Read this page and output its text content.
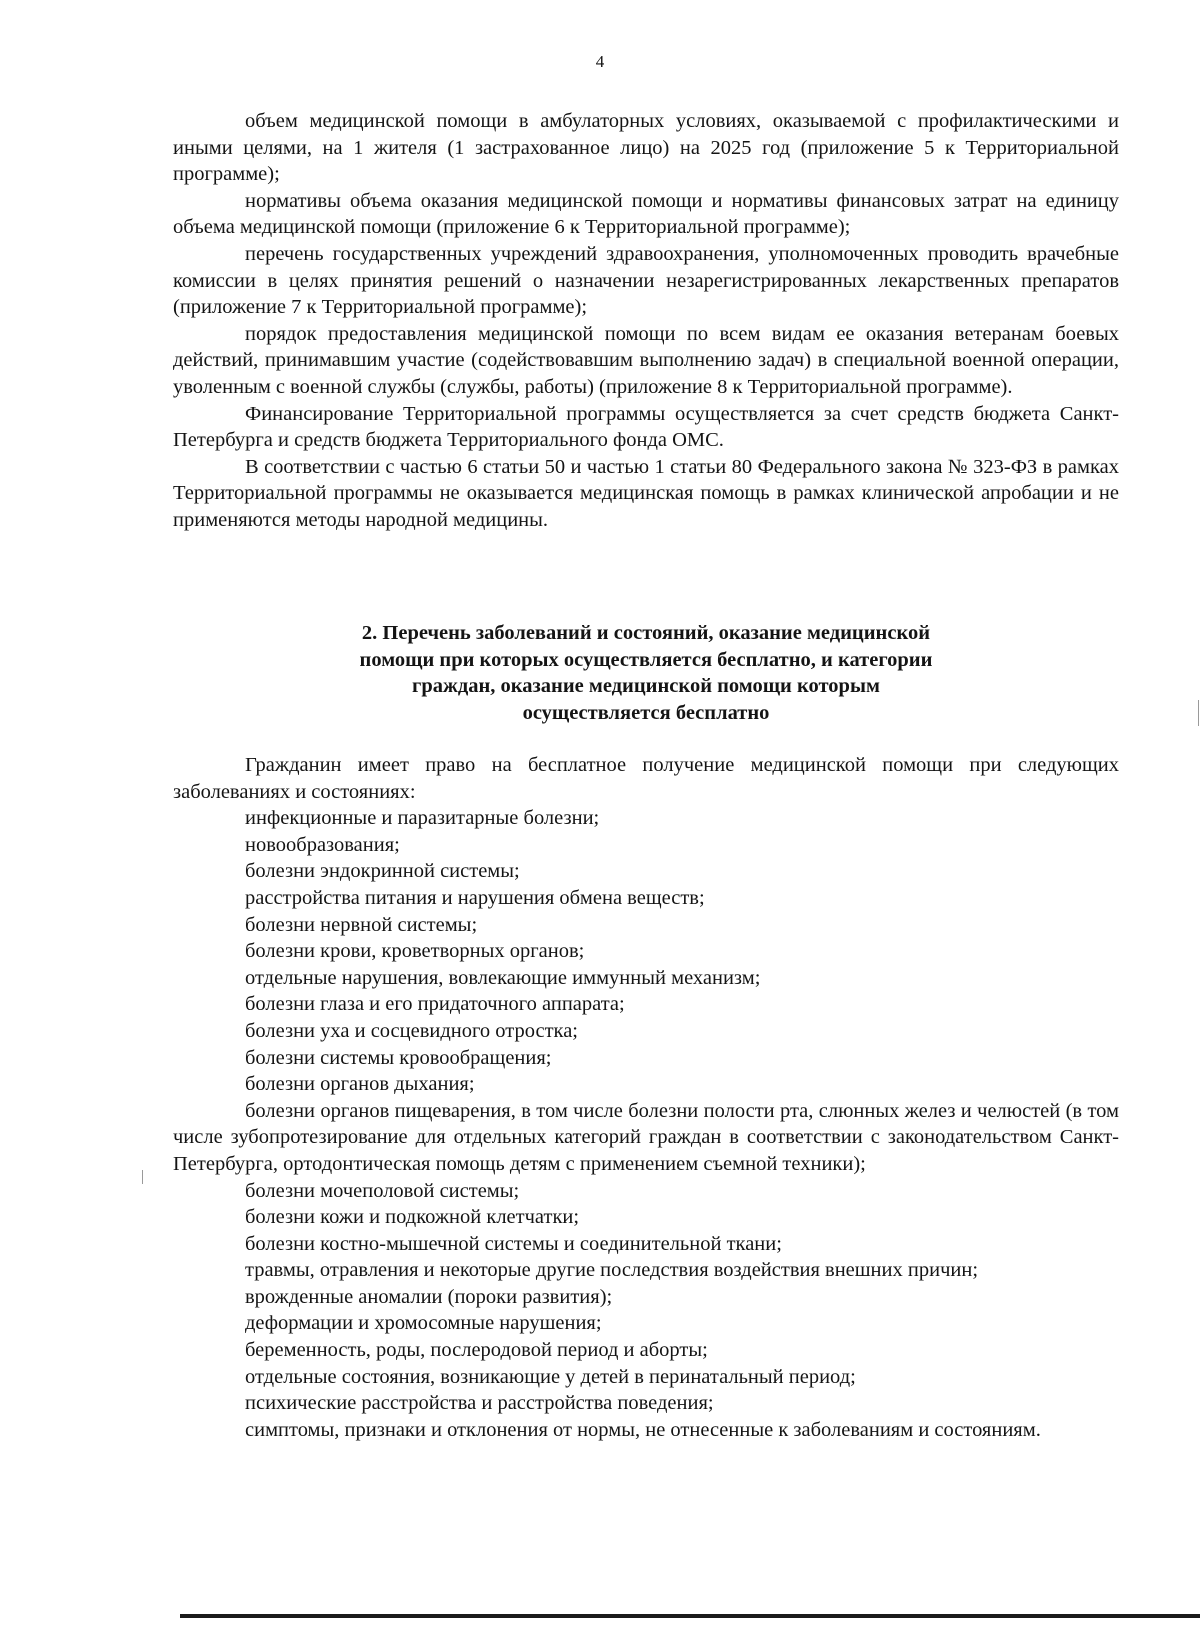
4

объем медицинской помощи в амбулаторных условиях, оказываемой с профилактическими и иными целями, на 1 жителя (1 застрахованное лицо) на 2025 год (приложение 5 к Территориальной программе);

нормативы объема оказания медицинской помощи и нормативы финансовых затрат на единицу объема медицинской помощи (приложение 6 к Территориальной программе);

перечень государственных учреждений здравоохранения, уполномоченных проводить врачебные комиссии в целях принятия решений о назначении незарегистрированных лекарственных препаратов (приложение 7 к Территориальной программе);

порядок предоставления медицинской помощи по всем видам ее оказания ветеранам боевых действий, принимавшим участие (содействовавшим выполнению задач) в специальной военной операции, уволенным с военной службы (службы, работы) (приложение 8 к Территориальной программе).

Финансирование Территориальной программы осуществляется за счет средств бюджета Санкт-Петербурга и средств бюджета Территориального фонда ОМС.

В соответствии с частью 6 статьи 50 и частью 1 статьи 80 Федерального закона № 323-ФЗ в рамках Территориальной программы не оказывается медицинская помощь в рамках клинической апробации и не применяются методы народной медицины.

2. Перечень заболеваний и состояний, оказание медицинской
помощи при которых осуществляется бесплатно, и категории
граждан, оказание медицинской помощи которым
осуществляется бесплатно

Гражданин имеет право на бесплатное получение медицинской помощи при следующих заболеваниях и состояниях:

инфекционные и паразитарные болезни;

новообразования;

болезни эндокринной системы;

расстройства питания и нарушения обмена веществ;

болезни нервной системы;

болезни крови, кроветворных органов;

отдельные нарушения, вовлекающие иммунный механизм;

болезни глаза и его придаточного аппарата;

болезни уха и сосцевидного отростка;

болезни системы кровообращения;

болезни органов дыхания;

болезни органов пищеварения, в том числе болезни полости рта, слюнных желез и челюстей (в том числе зубопротезирование для отдельных категорий граждан в соответствии с законодательством Санкт-Петербурга, ортодонтическая помощь детям с применением съемной техники);

болезни мочеполовой системы;

болезни кожи и подкожной клетчатки;

болезни костно-мышечной системы и соединительной ткани;

травмы, отравления и некоторые другие последствия воздействия внешних причин;

врожденные аномалии (пороки развития);

деформации и хромосомные нарушения;

беременность, роды, послеродовой период и аборты;

отдельные состояния, возникающие у детей в перинатальный период;

психические расстройства и расстройства поведения;

симптомы, признаки и отклонения от нормы, не отнесенные к заболеваниям и состояниям.
